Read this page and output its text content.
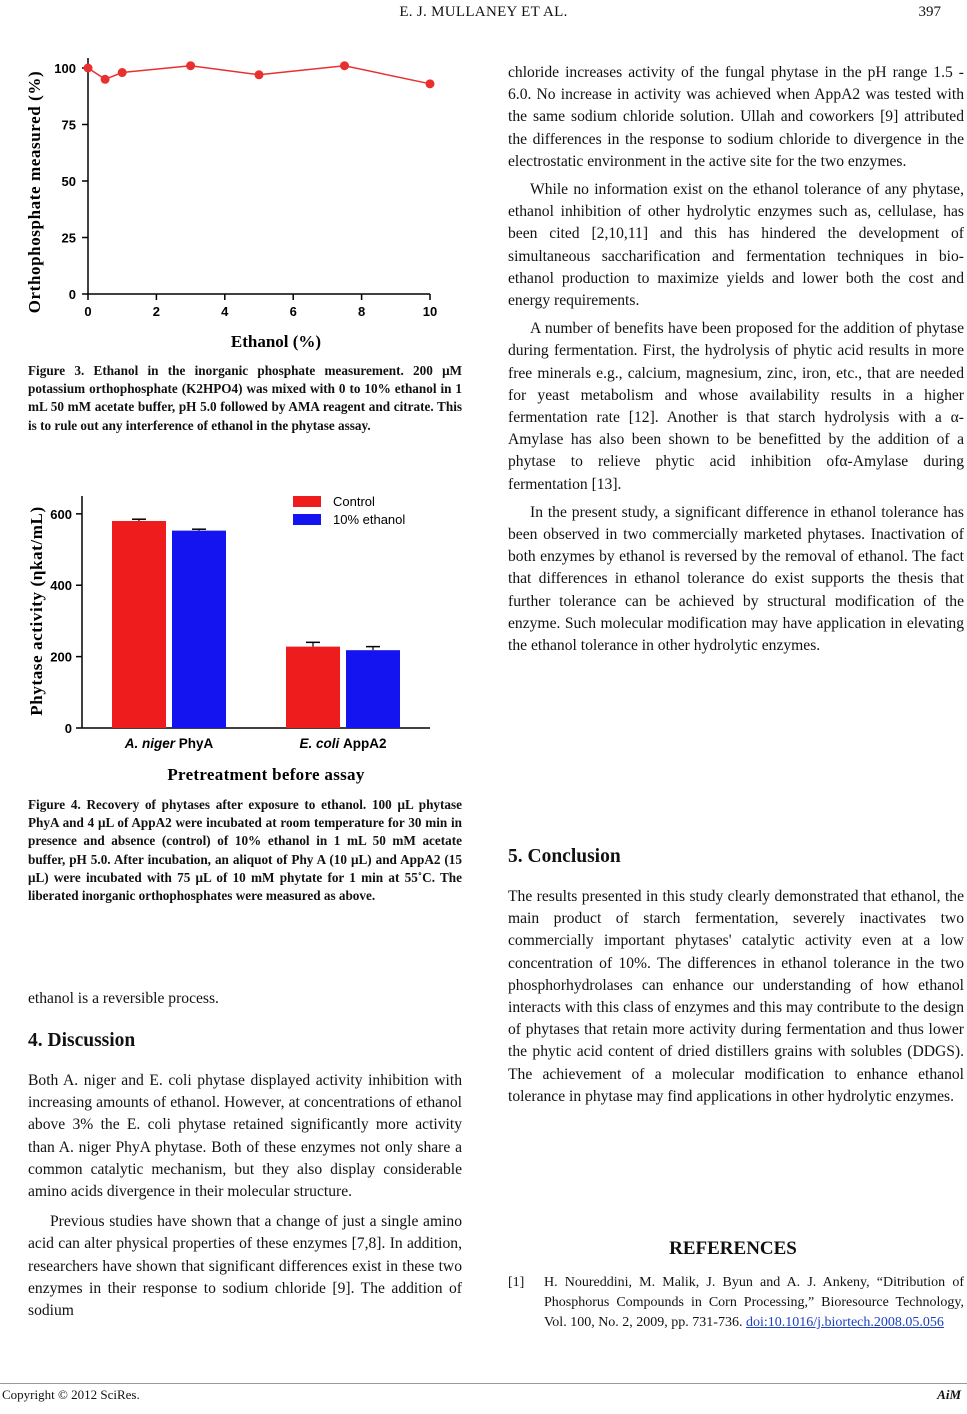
E. J. MULLANEY ET AL.	397
0
25
50
75
100
0	2	4	6	8	10
Orthophosphate measured (%)
Ethanol (%)
Figure 3. Ethanol in the inorganic phosphate measurement. 200 μM potassium orthophosphate (K2HPO4) was mixed with 0 to 10% ethanol in 1 mL 50 mM acetate buffer, pH 5.0 followed by AMA reagent and citrate. This is to rule out any interference of ethanol in the phytase assay.
0
200
400
600
A. niger PhyA	E. coli AppA2
Control
10% ethanol
Phytase activity (ηkat/mL)
Pretreatment before assay
Figure 4. Recovery of phytases after exposure to ethanol. 100 μL phytase PhyA and 4 μL of AppA2 were incubated at room temperature for 30 min in presence and absence (control) of 10% ethanol in 1 mL 50 mM acetate buffer, pH 5.0. After incubation, an aliquot of Phy A (10 μL) and AppA2 (15 μL) were incubated with 75 μL of 10 mM phytate for 1 min at 55˚C. The liberated inorganic orthophosphates were measured as above.

ethanol is a reversible process.

4. Discussion

Both A. niger and E. coli phytase displayed activity inhibition with increasing amounts of ethanol. However, at concentrations of ethanol above 3% the E. coli phytase retained significantly more activity than A. niger PhyA phytase. Both of these enzymes not only share a common catalytic mechanism, but they also display considerable amino acids divergence in their molecular structure.

Previous studies have shown that a change of just a single amino acid can alter physical properties of these enzymes [7,8]. In addition, researchers have shown that significant differences exist in these two enzymes in their response to sodium chloride [9]. The addition of sodium

chloride increases activity of the fungal phytase in the pH range 1.5 - 6.0. No increase in activity was achieved when AppA2 was tested with the same sodium chloride solution. Ullah and coworkers [9] attributed the differences in the response to sodium chloride to divergence in the electrostatic environment in the active site for the two enzymes.

While no information exist on the ethanol tolerance of any phytase, ethanol inhibition of other hydrolytic enzymes such as, cellulase, has been cited [2,10,11] and this has hindered the development of simultaneous saccharification and fermentation techniques in bio-ethanol production to maximize yields and lower both the cost and energy requirements.

A number of benefits have been proposed for the addition of phytase during fermentation. First, the hydrolysis of phytic acid results in more free minerals e.g., calcium, magnesium, zinc, iron, etc., that are needed for yeast metabolism and whose availability results in a higher fermentation rate [12]. Another is that starch hydrolysis with a α-Amylase has also been shown to be benefitted by the addition of a phytase to relieve phytic acid inhibition ofα-Amylase during fermentation [13].

In the present study, a significant difference in ethanol tolerance has been observed in two commercially marketed phytases. Inactivation of both enzymes by ethanol is reversed by the removal of ethanol. The fact that differences in ethanol tolerance do exist supports the thesis that further tolerance can be achieved by structural modification of the enzyme. Such molecular modification may have application in elevating the ethanol tolerance in other hydrolytic enzymes.

5. Conclusion

The results presented in this study clearly demonstrated that ethanol, the main product of starch fermentation, severely inactivates two commercially important phytases' catalytic activity even at a low concentration of 10%. The differences in ethanol tolerance in the two phosphorhydrolases can enhance our understanding of how ethanol interacts with this class of enzymes and this may contribute to the design of phytases that retain more activity during fermentation and thus lower the phytic acid content of dried distillers grains with solubles (DDGS). The achievement of a molecular modification to enhance ethanol tolerance in phytase may find applications in other hydrolytic enzymes.

REFERENCES
[1] H. Noureddini, M. Malik, J. Byun and A. J. Ankeny, “Ditribution of Phosphorus Compounds in Corn Processing,” Bioresource Technology, Vol. 100, No. 2, 2009, pp. 731-736. doi:10.1016/j.biortech.2008.05.056
Copyright © 2012 SciRes.	AiM
